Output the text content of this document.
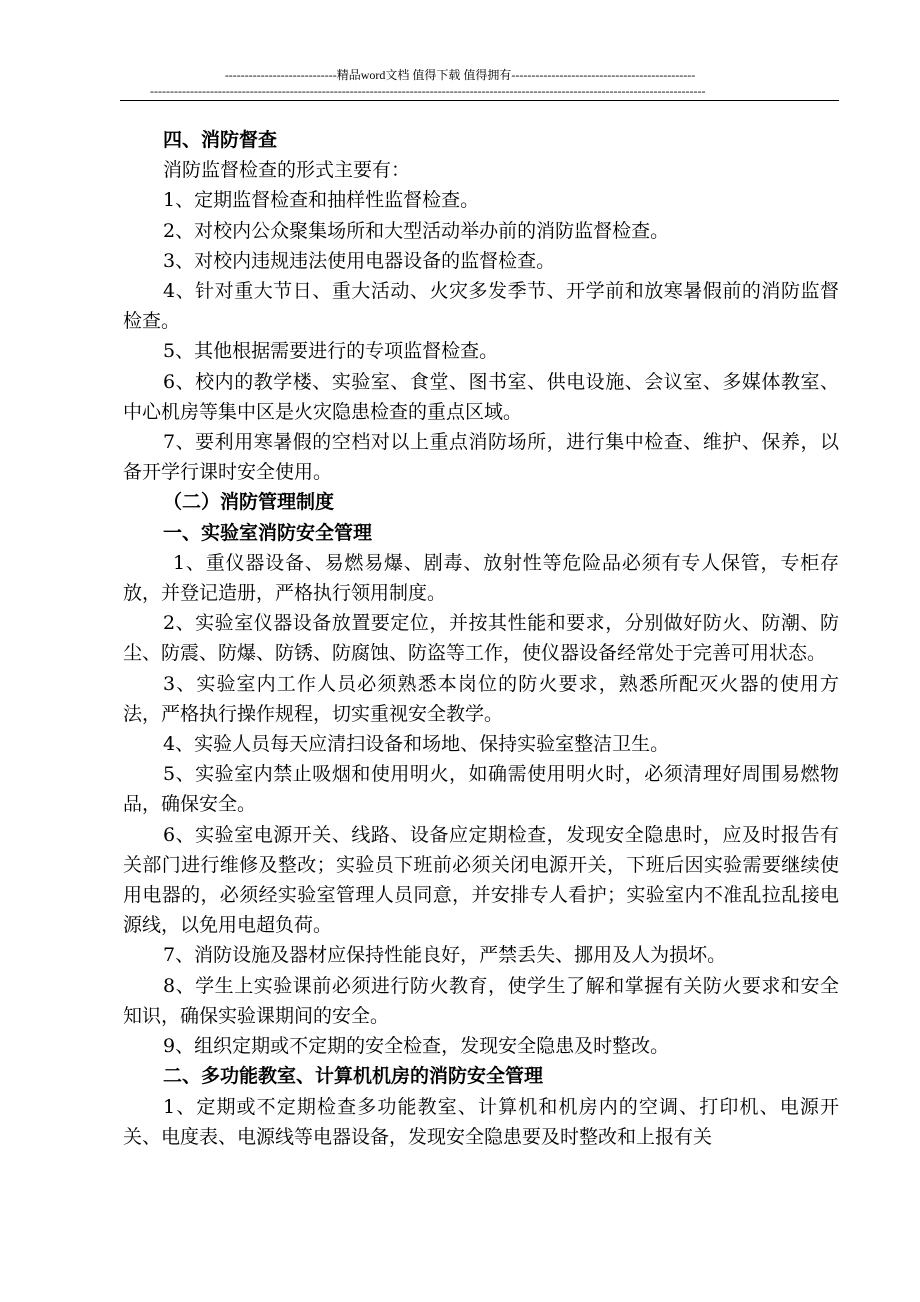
----------------------------精品word文档 值得下载 值得拥有----------------------------------------------
-------------------------------------------------------------------------------------------------------------------------------------------

四、消防督查

消防监督检查的形式主要有：

1、定期监督检查和抽样性监督检查。

2、对校内公众聚集场所和大型活动举办前的消防监督检查。

3、对校内违规违法使用电器设备的监督检查。

4、针对重大节日、重大活动、火灾多发季节、开学前和放寒暑假前的消防监督检查。

5、其他根据需要进行的专项监督检查。

6、校内的教学楼、实验室、食堂、图书室、供电设施、会议室、多媒体教室、中心机房等集中区是火灾隐患检查的重点区域。

7、要利用寒暑假的空档对以上重点消防场所，进行集中检查、维护、保养，以备开学行课时安全使用。

（二）消防管理制度

一、实验室消防安全管理

1、重仪器设备、易燃易爆、剧毒、放射性等危险品必须有专人保管，专柜存放，并登记造册，严格执行领用制度。

2、实验室仪器设备放置要定位，并按其性能和要求，分别做好防火、防潮、防尘、防震、防爆、防锈、防腐蚀、防盗等工作，使仪器设备经常处于完善可用状态。

3、实验室内工作人员必须熟悉本岗位的防火要求，熟悉所配灭火器的使用方法，严格执行操作规程，切实重视安全教学。

4、实验人员每天应清扫设备和场地、保持实验室整洁卫生。

5、实验室内禁止吸烟和使用明火，如确需使用明火时，必须清理好周围易燃物品，确保安全。

6、实验室电源开关、线路、设备应定期检查，发现安全隐患时，应及时报告有关部门进行维修及整改；实验员下班前必须关闭电源开关，下班后因实验需要继续使用电器的，必须经实验室管理人员同意，并安排专人看护；实验室内不准乱拉乱接电源线，以免用电超负荷。

7、消防设施及器材应保持性能良好，严禁丢失、挪用及人为损坏。

8、学生上实验课前必须进行防火教育，使学生了解和掌握有关防火要求和安全知识，确保实验课期间的安全。

9、组织定期或不定期的安全检查，发现安全隐患及时整改。

二、多功能教室、计算机机房的消防安全管理

1、定期或不定期检查多功能教室、计算机和机房内的空调、打印机、电源开关、电度表、电源线等电器设备，发现安全隐患要及时整改和上报有关
